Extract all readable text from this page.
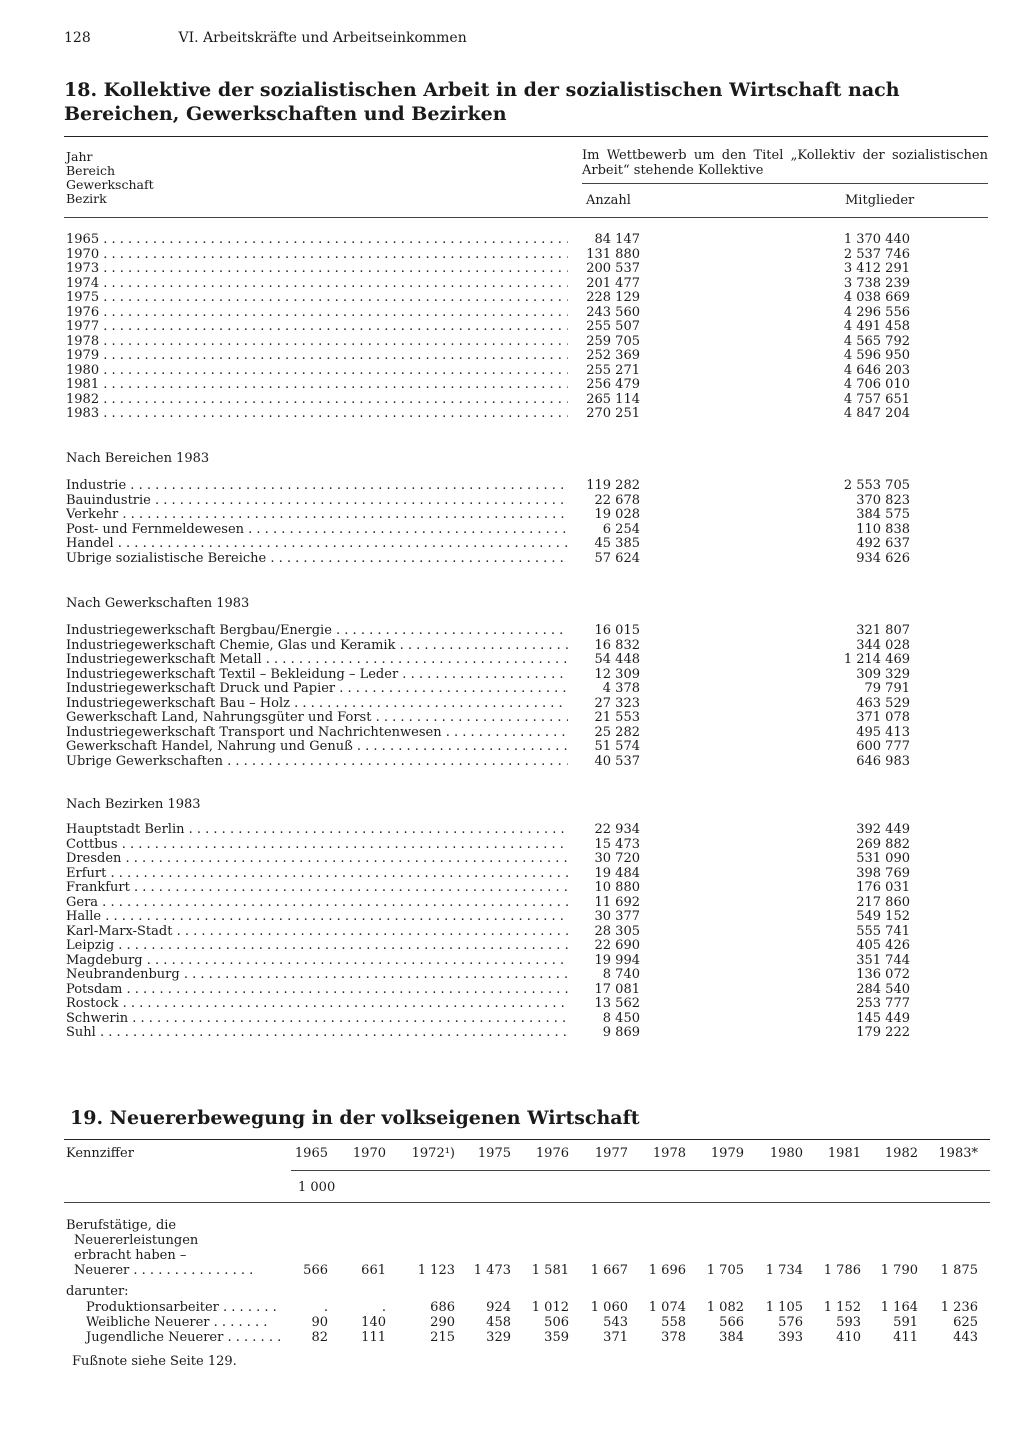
128	VI. Arbeitskräfte und Arbeitseinkommen
18. Kollektive der sozialistischen Arbeit in der sozialistischen Wirtschaft nach Bereichen, Gewerkschaften und Bezirken
Jahr
Bereich
Gewerkschaft
Bezirk
Im Wettbewerb um den Titel „Kollektiv der sozialistischen Arbeit“ stehende Kollektive
Anzahl	Mitglieder
1965 . . .	84 147	1 370 440
1970 . . .	131 880	2 537 746
1973 . . .	200 537	3 412 291
1974 . . .	201 477	3 738 239
1975 . . .	228 129	4 038 669
1976 . . .	243 560	4 296 556
1977 . . .	255 507	4 491 458
1978 . . .	259 705	4 565 792
1979 . . .	252 369	4 596 950
1980 . . .	255 271	4 646 203
1981 . . .	256 479	4 706 010
1982 . . .	265 114	4 757 651
1983 . . .	270 251	4 847 204
Nach Bereichen 1983
Industrie . . .	119 282	2 553 705
Bauindustrie . . .	22 678	370 823
Verkehr . . .	19 028	384 575
Post- und Fernmeldewesen . . .	6 254	110 838
Handel . . .	45 385	492 637
Übrige sozialistische Bereiche . . .	57 624	934 626
Nach Gewerkschaften 1983
Industriegewerkschaft Bergbau/Energie . . .	16 015	321 807
Industriegewerkschaft Chemie, Glas und Keramik . . .	16 832	344 028
Industriegewerkschaft Metall . . .	54 448	1 214 469
Industriegewerkschaft Textil – Bekleidung – Leder . . .	12 309	309 329
Industriegewerkschaft Druck und Papier . . .	4 378	79 791
Industriegewerkschaft Bau – Holz . . .	27 323	463 529
Gewerkschaft Land, Nahrungsgüter und Forst . . .	21 553	371 078
Industriegewerkschaft Transport und Nachrichtenwesen . . .	25 282	495 413
Gewerkschaft Handel, Nahrung und Genuß . . .	51 574	600 777
Übrige Gewerkschaften . . .	40 537	646 983
Nach Bezirken 1983
Hauptstadt Berlin . . .	22 934	392 449
Cottbus . . .	15 473	269 882
Dresden . . .	30 720	531 090
Erfurt . . .	19 484	398 769
Frankfurt . . .	10 880	176 031
Gera . . .	11 692	217 860
Halle . . .	30 377	549 152
Karl-Marx-Stadt . . .	28 305	555 741
Leipzig . . .	22 690	405 426
Magdeburg . . .	19 994	351 744
Neubrandenburg . . .	8 740	136 072
Potsdam . . .	17 081	284 540
Rostock . . .	13 562	253 777
Schwerin . . .	8 450	145 449
Suhl . . .	9 869	179 222
19. Neuererbewegung in der volkseigenen Wirtschaft
Kennziffer	1965	1970	1972¹)	1975	1976	1977	1978	1979	1980	1981	1982	1983*
1 000
Berufstätige, die
Neuererleistungen
erbracht haben –
Neuerer . . .	566	661	1 123	1 473	1 581	1 667	1 696	1 705	1 734	1 786	1 790	1 875
darunter:
Produktionsarbeiter . . . . . . .	.	.	686	924	1 012	1 060	1 074	1 082	1 105	1 152	1 164	1 236
Weibliche Neuerer . . . . . . .	90	140	290	458	506	543	558	566	576	593	591	625
Jugendliche Neuerer . . . . . . .	82	111	215	329	359	371	378	384	393	410	411	443
Fußnote siehe Seite 129.
